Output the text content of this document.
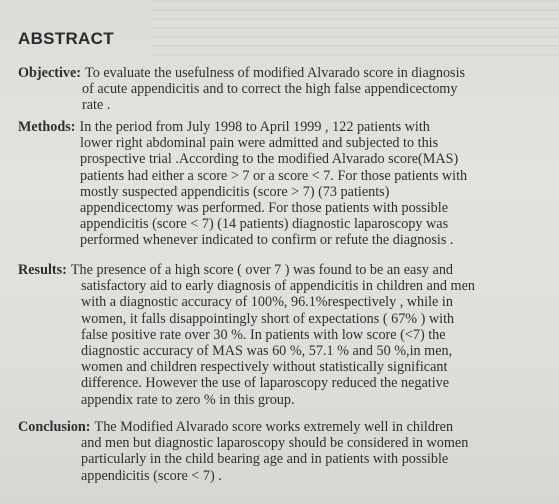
ABSTRACT
Objective: To evaluate the usefulness of modified Alvarado score in diagnosis
of acute appendicitis and to correct the high false appendicectomy
rate .
Methods: In the period from July 1998 to April 1999 , 122 patients with
lower right abdominal pain were admitted and subjected to this
prospective trial .According to the modified Alvarado score(MAS)
patients had either a score > 7 or a score < 7. For those patients with
mostly suspected appendicitis (score > 7) (73 patients)
appendicectomy was performed. For those patients with possible
appendicitis (score < 7) (14 patients) diagnostic laparoscopy was
performed whenever indicated to confirm or refute the diagnosis .
Results: The presence of a high score ( over 7 ) was found to be an easy and
satisfactory aid to early diagnosis of appendicitis in children and men
with a diagnostic accuracy of 100%, 96.1%respectively , while in
women, it falls disappointingly short of expectations ( 67% ) with
false positive rate over 30 %. In patients with low score (<7) the
diagnostic accuracy of MAS was 60 %, 57.1 % and 50 %,in men,
women and children respectively without statistically significant
difference. However the use of laparoscopy reduced the negative
appendix rate to zero % in this group.
Conclusion: The Modified Alvarado score works extremely well in children
and men but diagnostic laparoscopy should be considered in women
particularly in the child bearing age and in patients with possible
appendicitis (score < 7) .
